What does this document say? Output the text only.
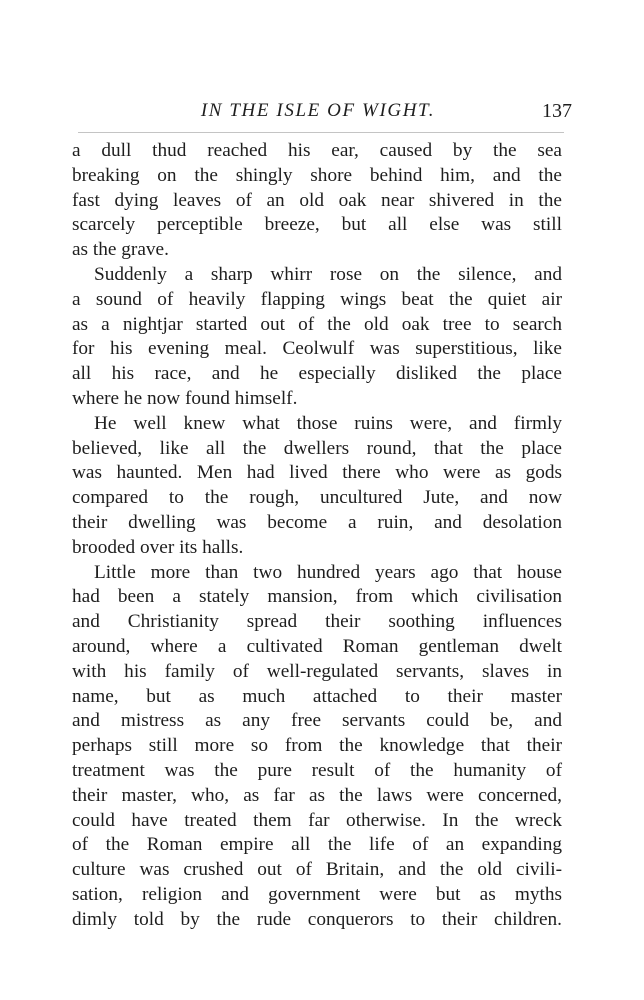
IN THE ISLE OF WIGHT.	137
a dull thud reached his ear, caused by the sea
breaking on the shingly shore behind him, and the
fast dying leaves of an old oak near shivered in the
scarcely perceptible breeze, but all else was still
as the grave.
Suddenly a sharp whirr rose on the silence, and
a sound of heavily flapping wings beat the quiet air
as a nightjar started out of the old oak tree to search
for his evening meal. Ceolwulf was superstitious, like
all his race, and he especially disliked the place
where he now found himself.
He well knew what those ruins were, and firmly
believed, like all the dwellers round, that the place
was haunted. Men had lived there who were as gods
compared to the rough, uncultured Jute, and now
their dwelling was become a ruin, and desolation
brooded over its halls.
Little more than two hundred years ago that house
had been a stately mansion, from which civilisation
and Christianity spread their soothing influences
around, where a cultivated Roman gentleman dwelt
with his family of well-regulated servants, slaves in
name, but as much attached to their master
and mistress as any free servants could be, and
perhaps still more so from the knowledge that their
treatment was the pure result of the humanity of
their master, who, as far as the laws were concerned,
could have treated them far otherwise. In the wreck
of the Roman empire all the life of an expanding
culture was crushed out of Britain, and the old civili-
sation, religion and government were but as myths
dimly told by the rude conquerors to their children.
